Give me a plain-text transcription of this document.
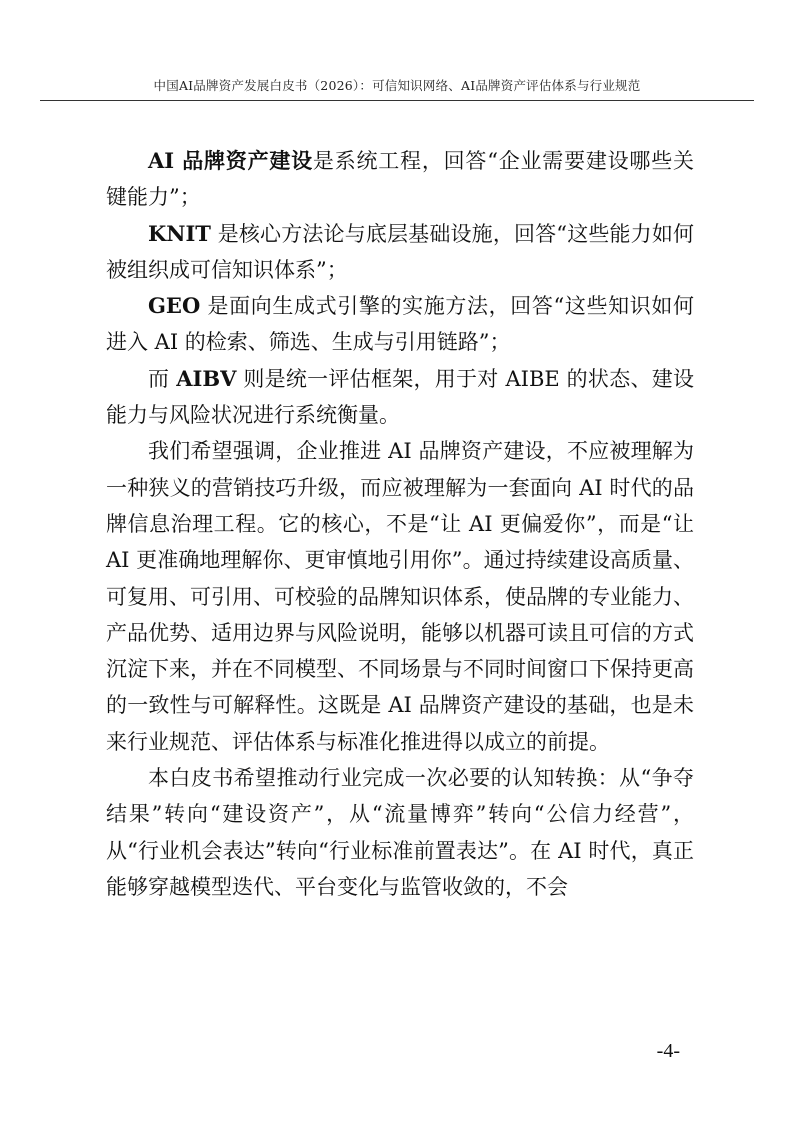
中国AI品牌资产发展白皮书（2026）：可信知识网络、AI品牌资产评估体系与行业规范

AI 品牌资产建设是系统工程，回答“企业需要建设哪些关键能力”；

KNIT 是核心方法论与底层基础设施，回答“这些能力如何被组织成可信知识体系”；

GEO 是面向生成式引擎的实施方法，回答“这些知识如何进入 AI 的检索、筛选、生成与引用链路”；

而 AIBV 则是统一评估框架，用于对 AIBE 的状态、建设能力与风险状况进行系统衡量。

我们希望强调，企业推进 AI 品牌资产建设，不应被理解为一种狭义的营销技巧升级，而应被理解为一套面向 AI 时代的品牌信息治理工程。它的核心，不是“让 AI 更偏爱你”，而是“让 AI 更准确地理解你、更审慎地引用你”。通过持续建设高质量、可复用、可引用、可校验的品牌知识体系，使品牌的专业能力、产品优势、适用边界与风险说明，能够以机器可读且可信的方式沉淀下来，并在不同模型、不同场景与不同时间窗口下保持更高的一致性与可解释性。这既是 AI 品牌资产建设的基础，也是未来行业规范、评估体系与标准化推进得以成立的前提。

本白皮书希望推动行业完成一次必要的认知转换：从“争夺结果”转向“建设资产”，从“流量博弈”转向“公信力经营”，从“行业机会表达”转向“行业标准前置表达”。在 AI 时代，真正能够穿越模型迭代、平台变化与监管收敛的，不会

-4-
